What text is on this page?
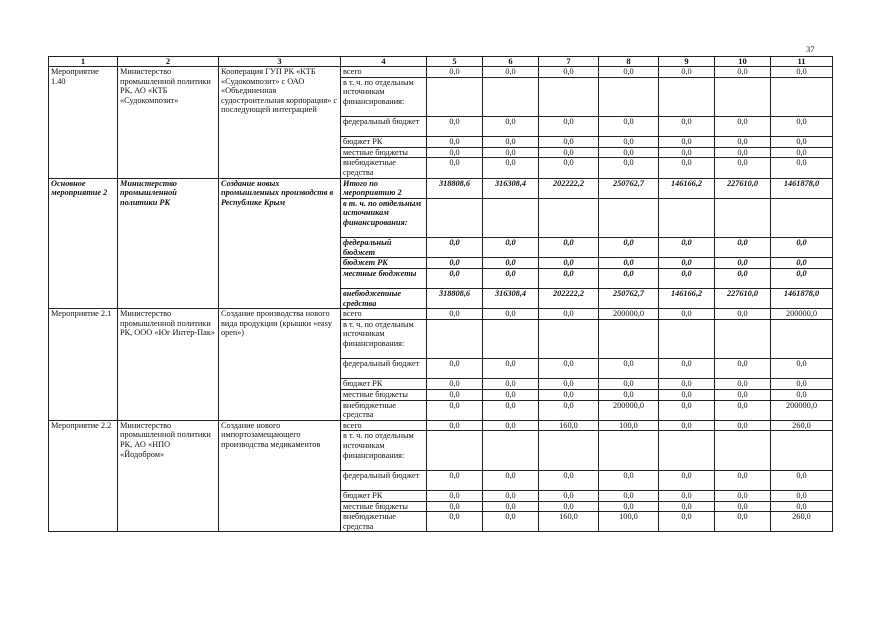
37
1	2	3	4	5	6	7	8	9	10	11
Мероприятие 1.40	Министерство промышленной политики РК, АО «КТБ «Судокомпозит»	Кооперация ГУП РК «КТБ «Судокомпозит» с ОАО «Объединенная судостроительная корпорация» с последующей интеграцией	всего	0,0	0,0	0,0	0,0	0,0	0,0	0,0
			в т. ч. по отдельным источникам финансирования:							
			федеральный бюджет	0,0	0,0	0,0	0,0	0,0	0,0	0,0
			бюджет РК	0,0	0,0	0,0	0,0	0,0	0,0	0,0
			местные бюджеты	0,0	0,0	0,0	0,0	0,0	0,0	0,0
			внебюджетные средства	0,0	0,0	0,0	0,0	0,0	0,0	0,0
Основное мероприятие 2	Министерство промышленной политики РК	Создание новых промышленных производств в Республике Крым	Итого по мероприятию 2	318808,6	316308,4	202222,2	250762,7	146166,2	227610,0	1461878,0
			в т. ч. по отдельным источникам финансирования:							
			федеральный бюджет	0,0	0,0	0,0	0,0	0,0	0,0	0,0
			бюджет РК	0,0	0,0	0,0	0,0	0,0	0,0	0,0
			местные бюджеты	0,0	0,0	0,0	0,0	0,0	0,0	0,0
			внебюджетные средства	318808,6	316308,4	202222,2	250762,7	146166,2	227610,0	1461878,0
Мероприятие 2.1	Министерство промышленной политики РК, ООО «Юг Интер-Пак»	Создание производства нового вида продукции (крышки «easy open»)	всего	0,0	0,0	0,0	200000,0	0,0	0,0	200000,0
			в т. ч. по отдельным источникам финансирования:							
			федеральный бюджет	0,0	0,0	0,0	0,0	0,0	0,0	0,0
			бюджет РК	0,0	0,0	0,0	0,0	0,0	0,0	0,0
			местные бюджеты	0,0	0,0	0,0	0,0	0,0	0,0	0,0
			внебюджетные средства	0,0	0,0	0,0	200000,0	0,0	0,0	200000,0
Мероприятие 2.2	Министерство промышленной политики РК, АО «НПО «Йодобром»	Создание нового импортозамещающего производства медикаментов	всего	0,0	0,0	160,0	100,0	0,0	0,0	260,0
			в т. ч. по отдельным источникам финансирования:							
			федеральный бюджет	0,0	0,0	0,0	0,0	0,0	0,0	0,0
			бюджет РК	0,0	0,0	0,0	0,0	0,0	0,0	0,0
			местные бюджеты	0,0	0,0	0,0	0,0	0,0	0,0	0,0
			внебюджетные средства	0,0	0,0	160,0	100,0	0,0	0,0	260,0
